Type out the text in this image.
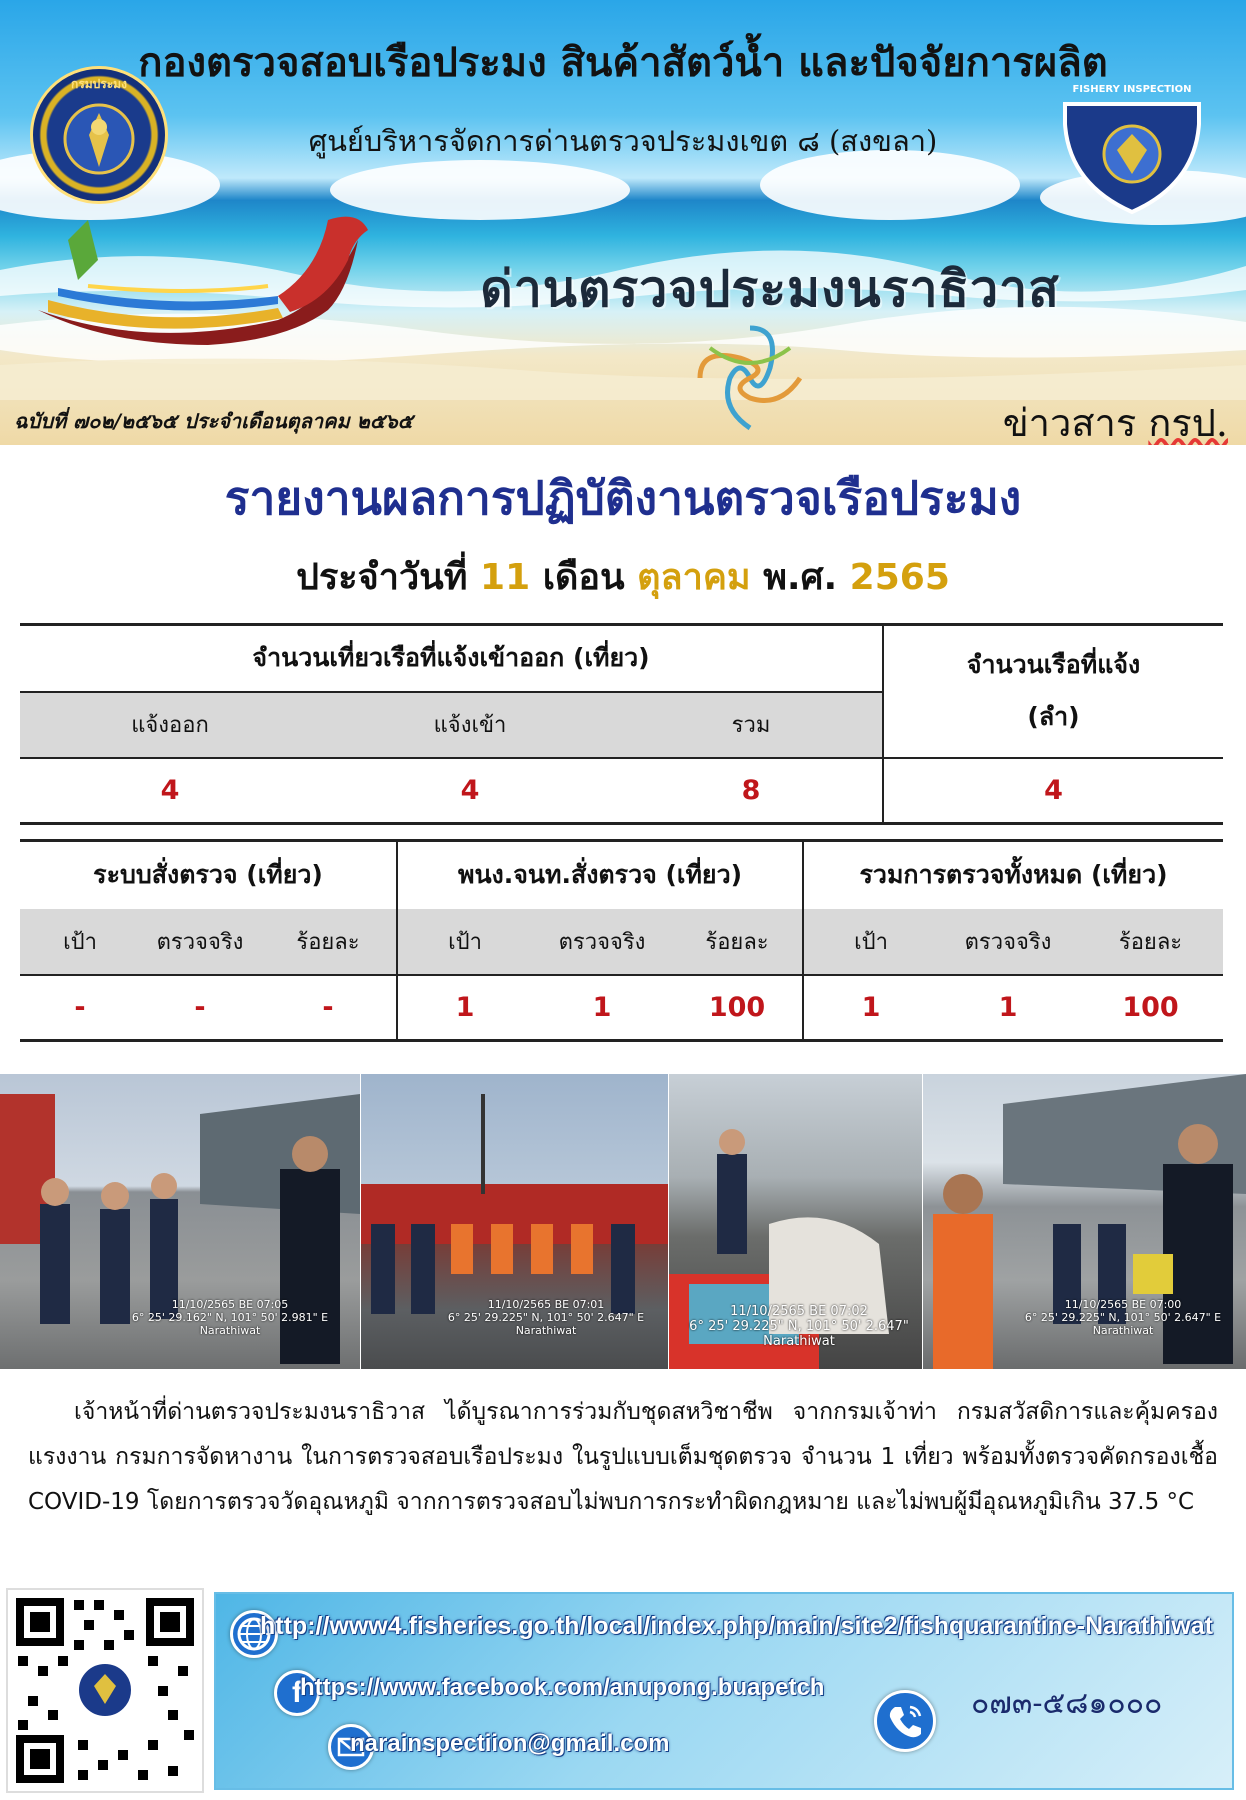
กองตรวจสอบเรือประมง สินค้าสัตว์น้ำ และปัจจัยการผลิต
ศูนย์บริหารจัดการด่านตรวจประมงเขต ๘ (สงขลา)
กรมประมง	FISHERY INSPECTION
ด่านตรวจประมงนราธิวาส
ฉบับที่ ๗๐๒/๒๕๖๕ ประจำเดือนตุลาคม ๒๕๖๕	ข่าวสาร กรป.
รายงานผลการปฏิบัติงานตรวจเรือประมง
ประจำวันที่ 11 เดือน ตุลาคม พ.ศ. 2565
จำนวนเที่ยวเรือที่แจ้งเข้าออก (เที่ยว)			จำนวนเรือที่แจ้ง
(ลำ)

แจ้งออก	แจ้งเข้า	รวม	
4	4	8	4
ระบบสั่งตรวจ (เที่ยว)			พนง.จนท.สั่งตรวจ (เที่ยว)			รวมการตรวจทั้งหมด (เที่ยว)		
เป้า	ตรวจจริง	ร้อยละ	เป้า	ตรวจจริง	ร้อยละ	เป้า	ตรวจจริง	ร้อยละ
-	-	-	1	1	100	1	1	100
11/10/2565 BE 07:05
6° 25' 29.162" N, 101° 50' 2.981" E
Narathiwat
11/10/2565 BE 07:01
6° 25' 29.225" N, 101° 50' 2.647" E
Narathiwat
11/10/2565 BE 07:02
6° 25' 29.225" N, 101° 50' 2.647"
Narathiwat
11/10/2565 BE 07:00
6° 25' 29.225" N, 101° 50' 2.647" E
Narathiwat
เจ้าหน้าที่ด่านตรวจประมงนราธิวาส ได้บูรณาการร่วมกับชุดสหวิชาชีพ จากกรมเจ้าท่า กรมสวัสดิการและคุ้มครองแรงงาน กรมการจัดหางาน ในการตรวจสอบเรือประมง ในรูปแบบเต็มชุดตรวจ จำนวน 1 เที่ยว พร้อมทั้งตรวจคัดกรองเชื้อ COVID-19 โดยการตรวจวัดอุณหภูมิ จากการตรวจสอบไม่พบการกระทำผิดกฎหมาย และไม่พบผู้มีอุณหภูมิเกิน 37.5 °C
http://www4.fisheries.go.th/local/index.php/main/site2/fishquarantine-Narathiwat
f
https://www.facebook.com/anupong.buapetch
narainspectiion@gmail.com
๐๗๓-๕๘๑๐๐๐
